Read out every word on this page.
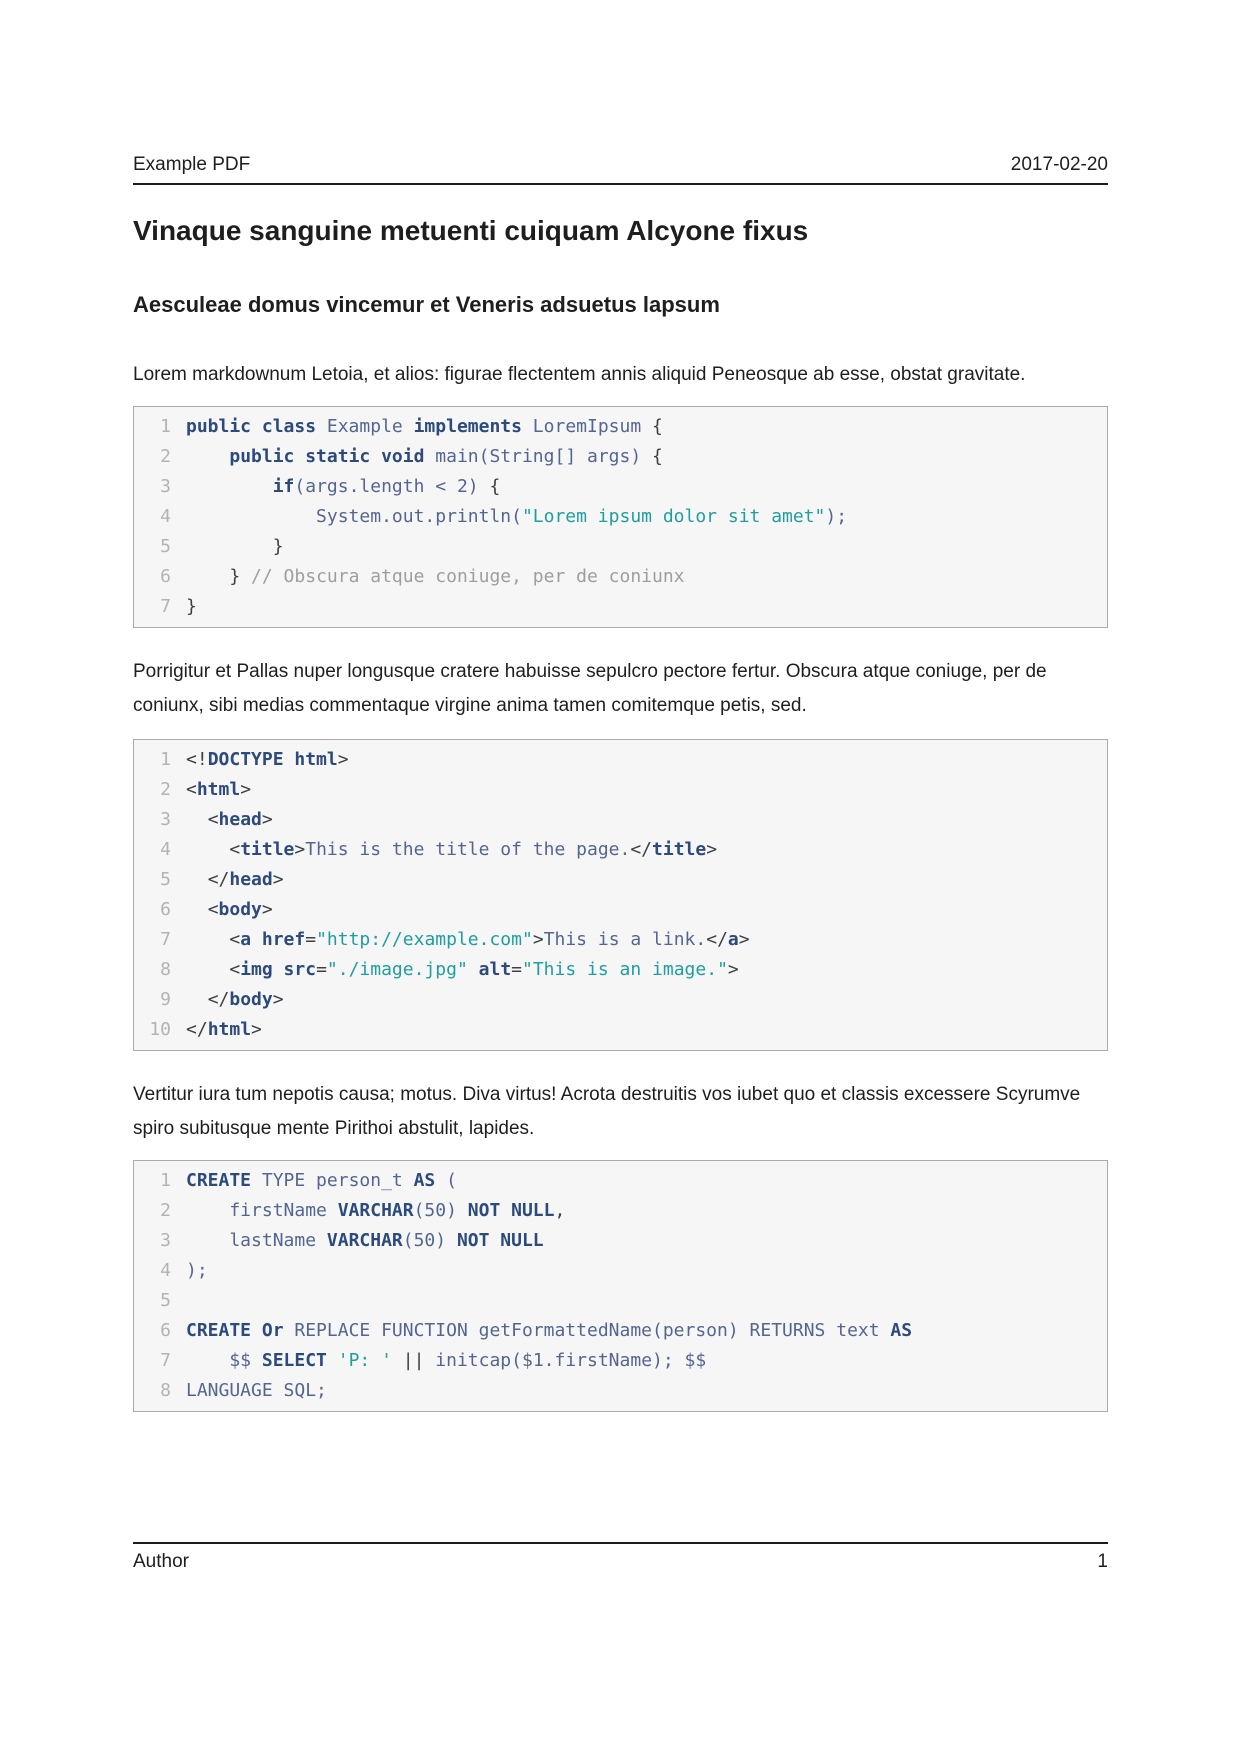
Example PDF	2017-02-20
Vinaque sanguine metuenti cuiquam Alcyone fixus
Aesculeae domus vincemur et Veneris adsuetus lapsum

Lorem markdownum Letoia, et alios: figurae flectentem annis aliquid Peneosque ab esse, obstat gravitate.

1 public class Example implements LoremIpsum {
2	public static void main(String[] args) {
3	if(args.length < 2) {
4 System.out.println("Lorem ipsum dolor sit amet");
5	}
6	} // Obscura atque coniuge, per de coniunx
7 }

Porrigitur et Pallas nuper longusque cratere habuisse sepulcro pectore fertur. Obscura atque coniuge, per de coniunx, sibi medias commentaque virgine anima tamen comitemque petis, sed.

1 <!DOCTYPE html>
2 <html>
3	<head>
4	<title>This is the title of the page.</title>
5	</head>
6	<body>
7	<a href="http://example.com">This is a link.</a>
8	<img src="./image.jpg" alt="This is an image.">
9	</body>
10 </html>

Vertitur iura tum nepotis causa; motus. Diva virtus! Acrota destruitis vos iubet quo et classis excessere Scyrumve spiro subitusque mente Pirithoi abstulit, lapides.

1 CREATE TYPE person_t AS (
2 firstName VARCHAR(50) NOT NULL,
3 lastName VARCHAR(50) NOT NULL
4 );
5
6 CREATE Or REPLACE FUNCTION getFormattedName(person) RETURNS text AS
7 $$ SELECT 'P: ' || initcap($1.firstName); $$
8 LANGUAGE SQL;
Author	1
